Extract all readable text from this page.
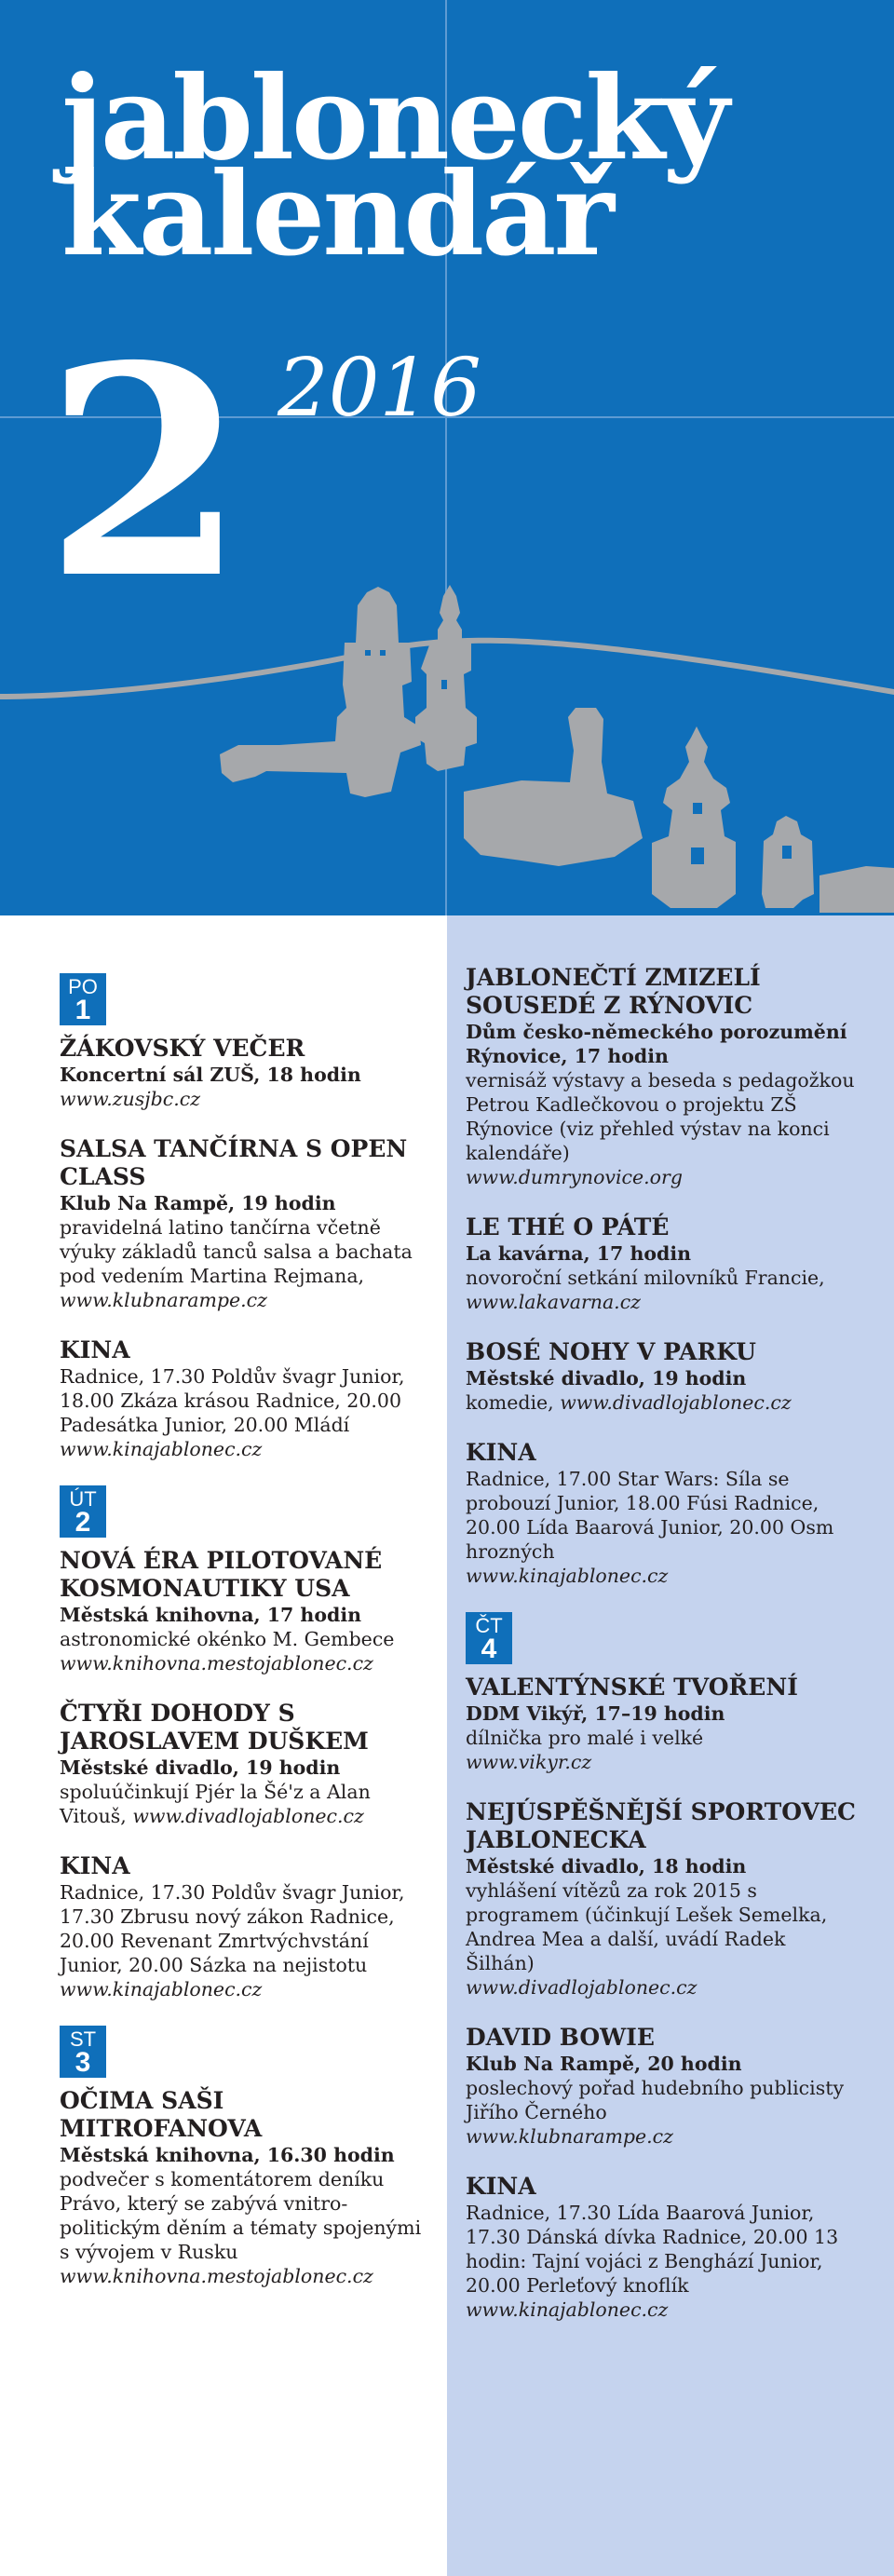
jablonecký
kalendář
2 2016
PO
1
ŽÁKOVSKÝ VEČER

Koncertní sál ZUŠ, 18 hodin

www.zusjbc.cz

SALSA TANČÍRNA S OPEN CLASS

Klub Na Rampě, 19 hodin

pravidelná latino tančírna včetně výuky základů tanců salsa a bachata pod vedením Martina Rejmana, www.klubnarampe.cz

KINA

Radnice, 17.30 Poldův švagr Junior, 18.00 Zkáza krásou Radnice, 20.00 Padesátka Junior, 20.00 Mládí

www.kinajablonec.cz

ÚT
2
NOVÁ ÉRA PILOTOVANÉ KOSMONAUTIKY USA

Městská knihovna, 17 hodin

astronomické okénko M. Gembece

www.knihovna.mestojablonec.cz

ČTYŘI DOHODY S JAROSLAVEM DUŠKEM

Městské divadlo, 19 hodin

spoluúčinkují Pjér la Šé'z a Alan Vitouš, www.divadlojablonec.cz

KINA

Radnice, 17.30 Poldův švagr Junior, 17.30 Zbrusu nový zákon Radnice, 20.00 Revenant Zmrtvýchvstání Junior, 20.00 Sázka na nejistotu

www.kinajablonec.cz

ST
3
OČIMA SAŠI MITROFANOVA

Městská knihovna, 16.30 hodin

podvečer s komentátorem deníku Právo, který se zabývá vnitro-politickým děním a tématy spojenými s vývojem v Rusku

www.knihovna.mestojablonec.cz

JABLONEČTÍ ZMIZELÍ SOUSEDÉ Z RÝNOVIC

Dům česko-německého porozumění Rýnovice, 17 hodin

vernisáž výstavy a beseda s pedagožkou Petrou Kadlečkovou o projektu ZŠ Rýnovice (viz přehled výstav na konci kalendáře)

www.dumrynovice.org

LE THÉ O PÁTÉ

La kavárna, 17 hodin

novoroční setkání milovníků Francie, www.lakavarna.cz

BOSÉ NOHY V PARKU

Městské divadlo, 19 hodin

komedie, www.divadlojablonec.cz

KINA

Radnice, 17.00 Star Wars: Síla se probouzí Junior, 18.00 Fúsi Radnice, 20.00 Lída Baarová Junior, 20.00 Osm hrozných

www.kinajablonec.cz

ČT
4
VALENTÝNSKÉ TVOŘENÍ

DDM Vikýř, 17–19 hodin

dílnička pro malé i velké

www.vikyr.cz

NEJÚSPĚŠNĚJŠÍ SPORTOVEC JABLONECKA

Městské divadlo, 18 hodin

vyhlášení vítězů za rok 2015 s programem (účinkují Lešek Semelka, Andrea Mea a další, uvádí Radek Šilhán)

www.divadlojablonec.cz

DAVID BOWIE

Klub Na Rampě, 20 hodin

poslechový pořad hudebního publicisty Jiřího Černého

www.klubnarampe.cz

KINA

Radnice, 17.30 Lída Baarová Junior, 17.30 Dánská dívka Radnice, 20.00 13 hodin: Tajní vojáci z Benghází Junior, 20.00 Perleťový knoflík

www.kinajablonec.cz
